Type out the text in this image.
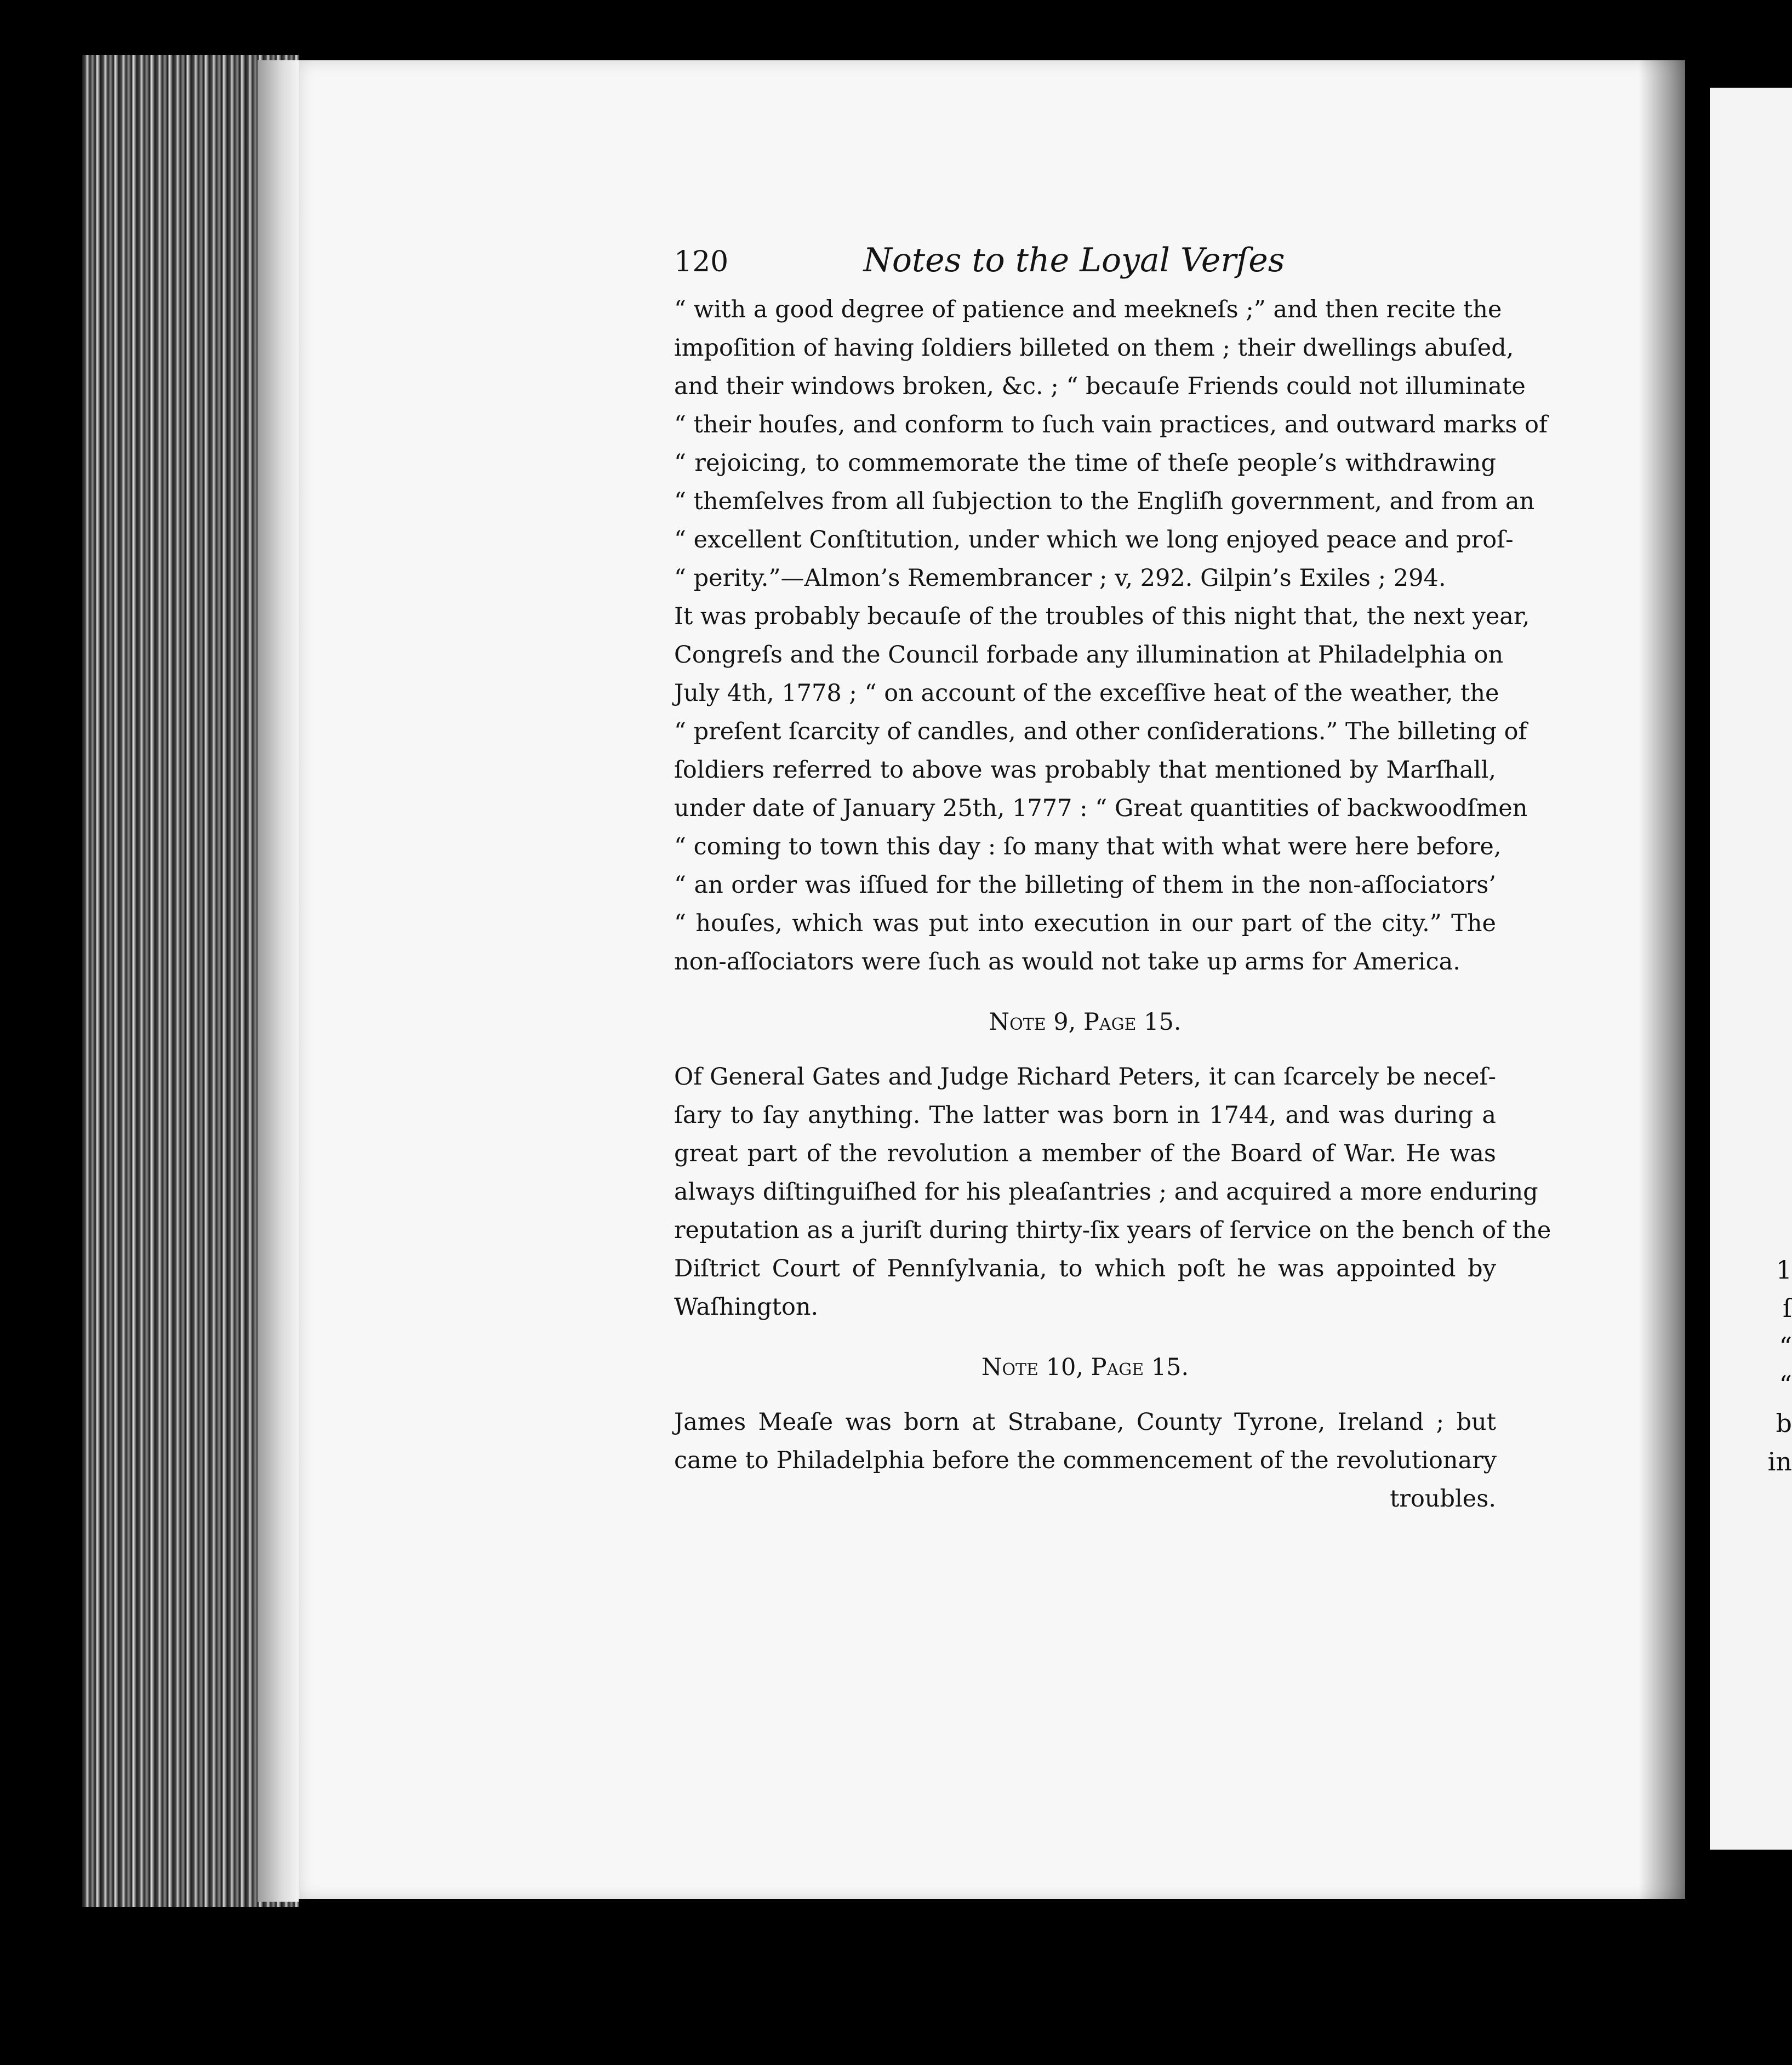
1
ſ
“
“
b
in
120	Notes to the Loyal Verſes

“ with a good degree of patience and meekneſs ;” and then recite the
impoſition of having ſoldiers billeted on them ; their dwellings abuſed,
and their windows broken, &c. ; “ becauſe Friends could not illuminate
“ their houſes, and conform to ſuch vain practices, and outward marks of
“ rejoicing, to commemorate the time of theſe people’s withdrawing
“ themſelves from all ſubjection to the Engliſh government, and from an
“ excellent Conſtitution, under which we long enjoyed peace and proſ-
“ perity.”—Almon’s Remembrancer ; v, 292. Gilpin’s Exiles ; 294.

It was probably becauſe of the troubles of this night that, the next year,
Congreſs and the Council forbade any illumination at Philadelphia on
July 4th, 1778 ; “ on account of the exceſſive heat of the weather, the
“ preſent ſcarcity of candles, and other conſiderations.” The billeting of
ſoldiers referred to above was probably that mentioned by Marſhall,
under date of January 25th, 1777 : “ Great quantities of backwoodſmen
“ coming to town this day : ſo many that with what were here before,
“ an order was iſſued for the billeting of them in the non-aſſociators’
“ houſes, which was put into execution in our part of the city.” The
non-aſſociators were ſuch as would not take up arms for America.

Note 9, Page 15.

Of General Gates and Judge Richard Peters, it can ſcarcely be neceſ-
ſary to ſay anything. The latter was born in 1744, and was during a
great part of the revolution a member of the Board of War. He was
always diſtinguiſhed for his pleaſantries ; and acquired a more enduring
reputation as a juriſt during thirty-ſix years of ſervice on the bench of the
Diſtrict Court of Pennſylvania, to which poſt he was appointed by
Waſhington.

Note 10, Page 15.

James Meaſe was born at Strabane, County Tyrone, Ireland ; but
came to Philadelphia before the commencement of the revolutionary
troubles.
